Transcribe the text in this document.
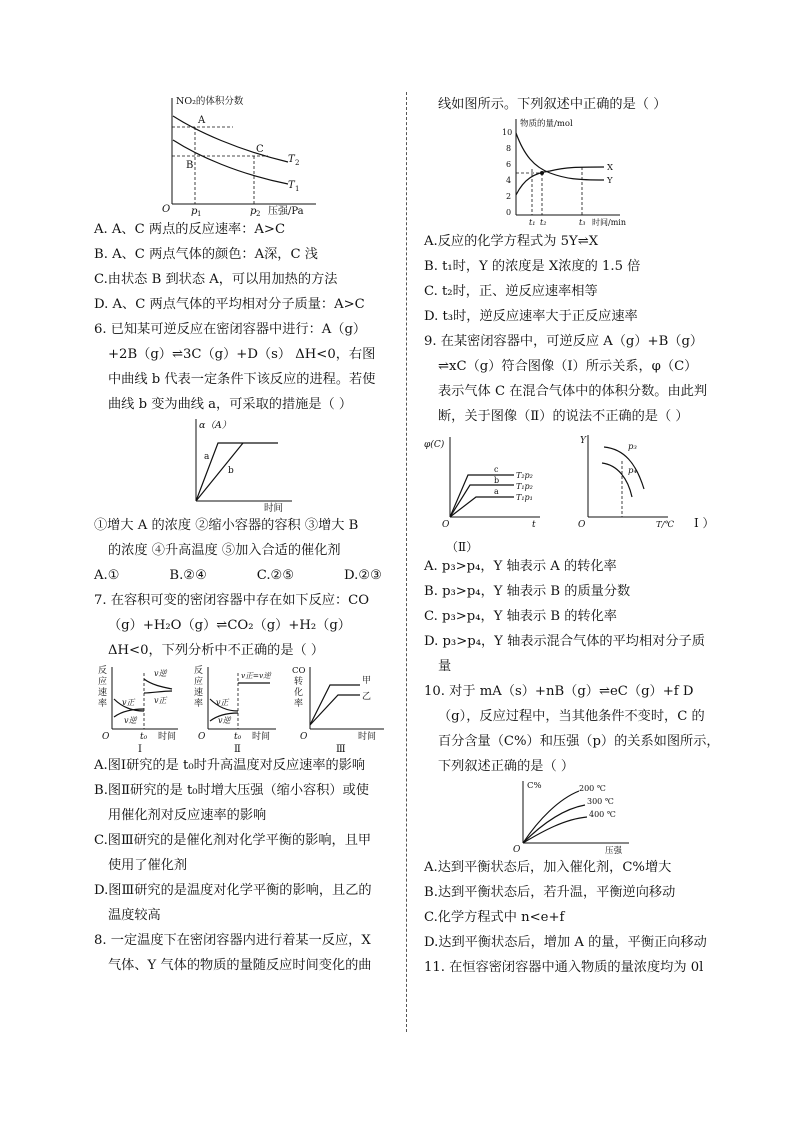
NO₂的体积分数
A
B
C
T 2
T 1
O p 1	p 2 压强/Pa

A. A、C 两点的反应速率：A>C

B. A、C 两点气体的颜色：A深，C 浅

C.由状态 B 到状态 A，可以用加热的方法

D. A、C 两点气体的平均相对分子质量：A>C

6. 已知某可逆反应在密闭容器中进行：A（g）

+2B（g）⇌3C（g）+D（s） ΔH<0，右图

中曲线 b 代表一定条件下该反应的进程。若使

曲线 b 变为曲线 a，可采取的措施是（ ）

α（A）
a
b
时间

①增大 A 的浓度 ②缩小容器的容积 ③增大 B

的浓度 ④升高温度 ⑤加入合适的催化剂

A.①	B.②④	C.②⑤	D.②③

7. 在容积可变的密闭容器中存在如下反应：CO

（g）+H₂O（g）⇌CO₂（g）+H₂（g）

ΔH<0，下列分析中不正确的是（ ）

反
应
速
率
v逆
v正 v正
v逆
O	t₀ 时间
Ⅰ
反
应
速
率
v正=v逆
v正
v逆
O	t₀ 时间
Ⅱ
CO
转
化
率
甲
乙
O	时间
Ⅲ

A.图Ⅰ研究的是 t₀时升高温度对反应速率的影响

B.图Ⅱ研究的是 t₀时增大压强（缩小容积）或使

用催化剂对反应速率的影响

C.图Ⅲ研究的是催化剂对化学平衡的影响，且甲

使用了催化剂

D.图Ⅲ研究的是温度对化学平衡的影响，且乙的

温度较高

8. 一定温度下在密闭容器内进行着某一反应，X

气体、Y 气体的物质的量随反应时间变化的曲

线如图所示。下列叙述中正确的是（ ）

物质的量/mol
10
8
6
4
2
0
t₁ t₂	t₃ 时间/min
X
Y

A.反应的化学方程式为 5Y⇌X

B. t₁时，Y 的浓度是 X浓度的 1.5 倍

C. t₂时，正、逆反应速率相等

D. t₃时，逆反应速率大于正反应速率

9. 在某密闭容器中，可逆反应 A（g）+B（g）

⇌xC（g）符合图像（Ⅰ）所示关系，φ（C）

表示气体 C 在混合气体中的体积分数。由此判

断，关于图像（Ⅱ）的说法不正确的是（ ）

φ(C)
c
b
a
T₂p₂
T₁p₂
T₁p₁
O	t
Y
p₃
p₄
O	T/℃ Ⅰ ）
（Ⅱ）

A. p₃>p₄，Y 轴表示 A 的转化率

B. p₃>p₄，Y 轴表示 B 的质量分数

C. p₃>p₄，Y 轴表示 B 的转化率

D. p₃>p₄，Y 轴表示混合气体的平均相对分子质

量

10. 对于 mA（s）+nB（g）⇌eC（g）+f D

（g），反应过程中，当其他条件不变时，C 的

百分含量（C%）和压强（p）的关系如图所示，

下列叙述正确的是（ ）

C%	200 ℃
300 ℃
400 ℃
O	压强

A.达到平衡状态后，加入催化剂，C%增大

B.达到平衡状态后，若升温，平衡逆向移动

C.化学方程式中 n<e+f

D.达到平衡状态后，增加 A 的量，平衡正向移动

11. 在恒容密闭容器中通入物质的量浓度均为 0l
